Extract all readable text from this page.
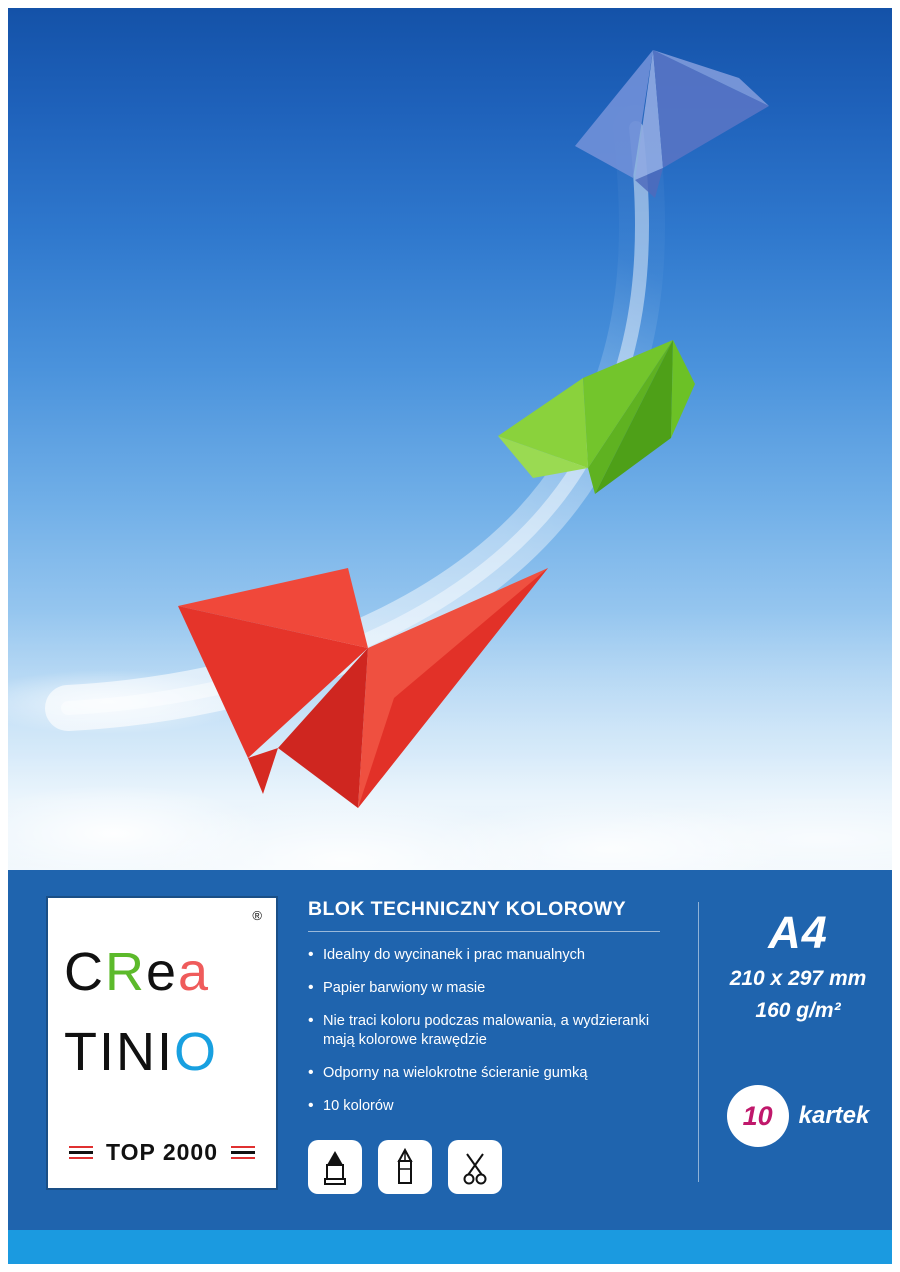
®
CRea
TINIO
TOP 2000
BLOK TECHNICZNY KOLOROWY
• Idealny do wycinanek i prac manualnych
• Papier barwiony w masie
• Nie traci koloru podczas malowania, a wydzieranki mają kolorowe krawędzie
• Odporny na wielokrotne ścieranie gumką
• 10 kolorów
A4
210 x 297 mm
160 g/m²
10	kartek
